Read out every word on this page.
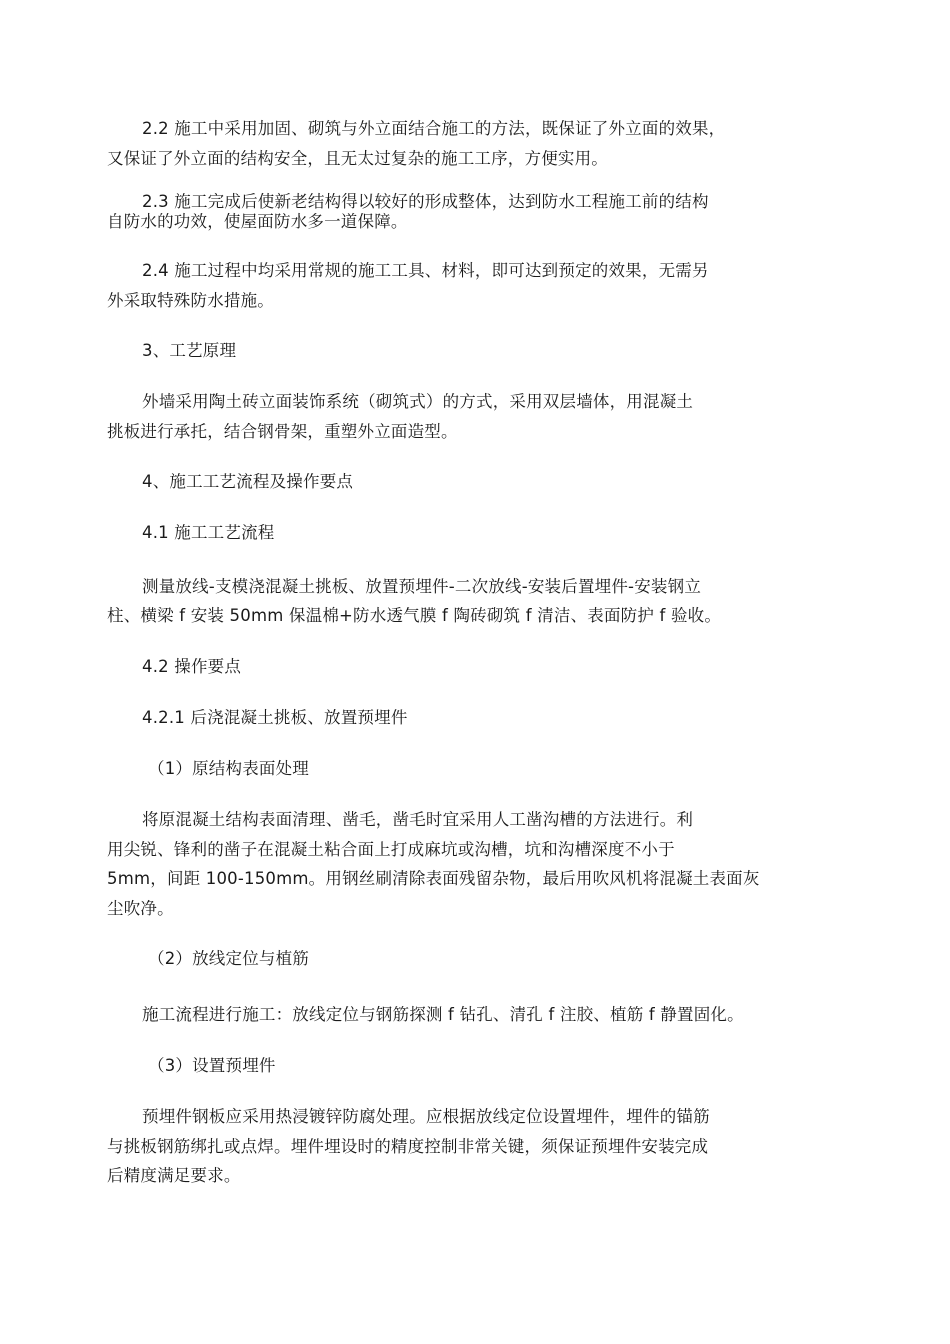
2.2 施工中采用加固、砌筑与外立面结合施工的方法，既保证了外立面的效果，
又保证了外立面的结构安全，且无太过复杂的施工工序，方便实用。
2.3 施工完成后使新老结构得以较好的形成整体，达到防水工程施工前的结构
自防水的功效，使屋面防水多一道保障。
2.4 施工过程中均采用常规的施工工具、材料，即可达到预定的效果，无需另
外采取特殊防水措施。
3、工艺原理
外墙采用陶土砖立面装饰系统（砌筑式）的方式，采用双层墙体，用混凝土
挑板进行承托，结合钢骨架，重塑外立面造型。
4、施工工艺流程及操作要点
4.1 施工工艺流程
测量放线-支模浇混凝土挑板、放置预埋件-二次放线-安装后置埋件-安装钢立
柱、横梁 f 安装 50mm 保温棉+防水透气膜 f 陶砖砌筑 f 清洁、表面防护 f 验收。
4.2 操作要点
4.2.1 后浇混凝土挑板、放置预埋件
（1）原结构表面处理
将原混凝土结构表面清理、凿毛，凿毛时宜采用人工凿沟槽的方法进行。利
用尖锐、锋利的凿子在混凝土粘合面上打成麻坑或沟槽，坑和沟槽深度不小于
5mm，间距 100-150mm。用钢丝刷清除表面残留杂物，最后用吹风机将混凝土表面灰
尘吹净。
（2）放线定位与植筋
施工流程进行施工：放线定位与钢筋探测 f 钻孔、清孔 f 注胶、植筋 f 静置固化。
（3）设置预埋件
预埋件钢板应采用热浸镀锌防腐处理。应根据放线定位设置埋件，埋件的锚筋
与挑板钢筋绑扎或点焊。埋件埋设时的精度控制非常关键，须保证预埋件安装完成
后精度满足要求。
